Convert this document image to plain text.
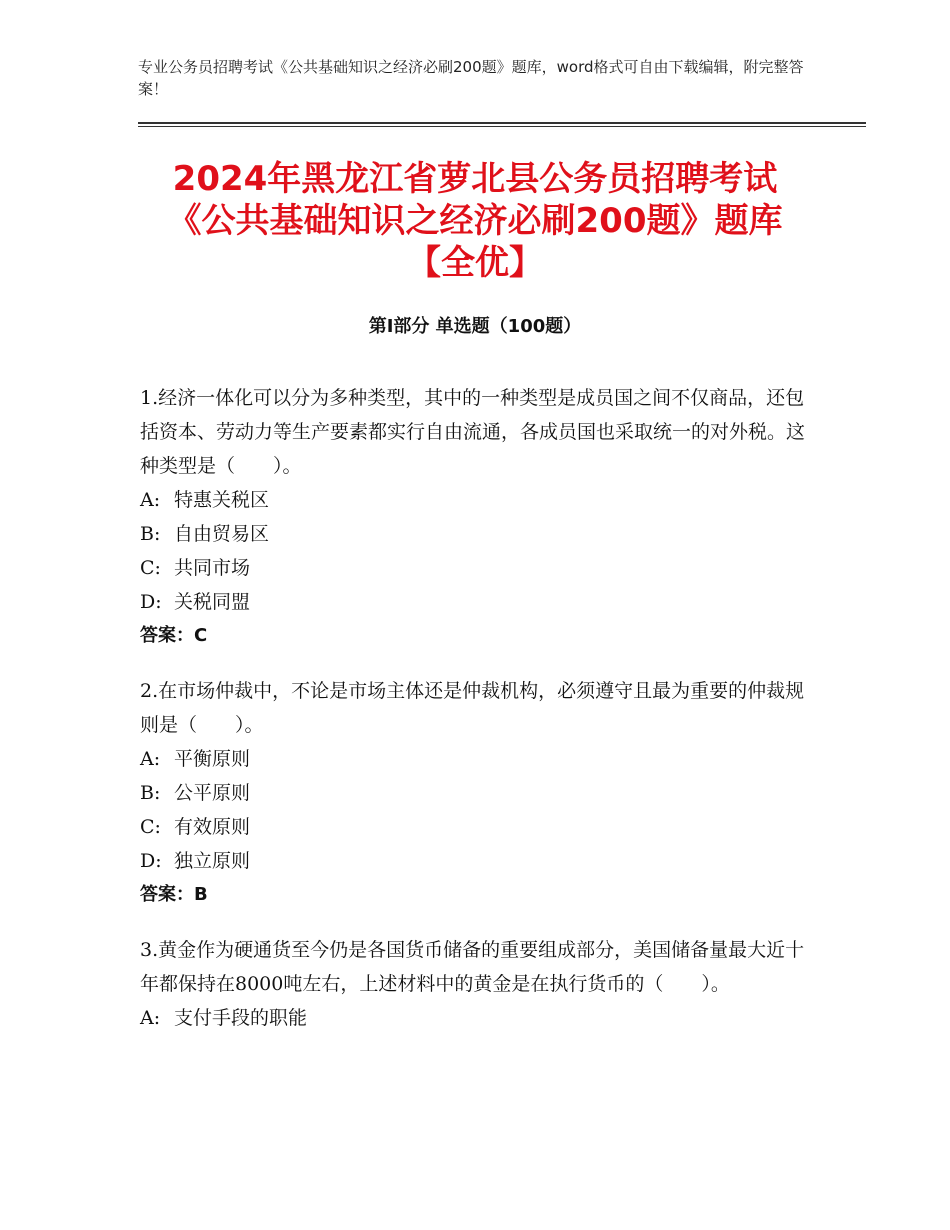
专业公务员招聘考试《公共基础知识之经济必刷200题》题库，word格式可自由下载编辑，附完整答案！
2024年黑龙江省萝北县公务员招聘考试《公共基础知识之经济必刷200题》题库【全优】
第Ⅰ部分 单选题（100题）

1.经济一体化可以分为多种类型，其中的一种类型是成员国之间不仅商品，还包括资本、劳动力等生产要素都实行自由流通，各成员国也采取统一的对外税。这种类型是（　　）。

A: 特惠关税区

B: 自由贸易区

C: 共同市场

D: 关税同盟

答案：C

2.在市场仲裁中，不论是市场主体还是仲裁机构，必须遵守且最为重要的仲裁规则是（　　）。

A: 平衡原则

B: 公平原则

C: 有效原则

D: 独立原则

答案：B

3.黄金作为硬通货至今仍是各国货币储备的重要组成部分，美国储备量最大近十年都保持在8000吨左右，上述材料中的黄金是在执行货币的（　　）。

A: 支付手段的职能
